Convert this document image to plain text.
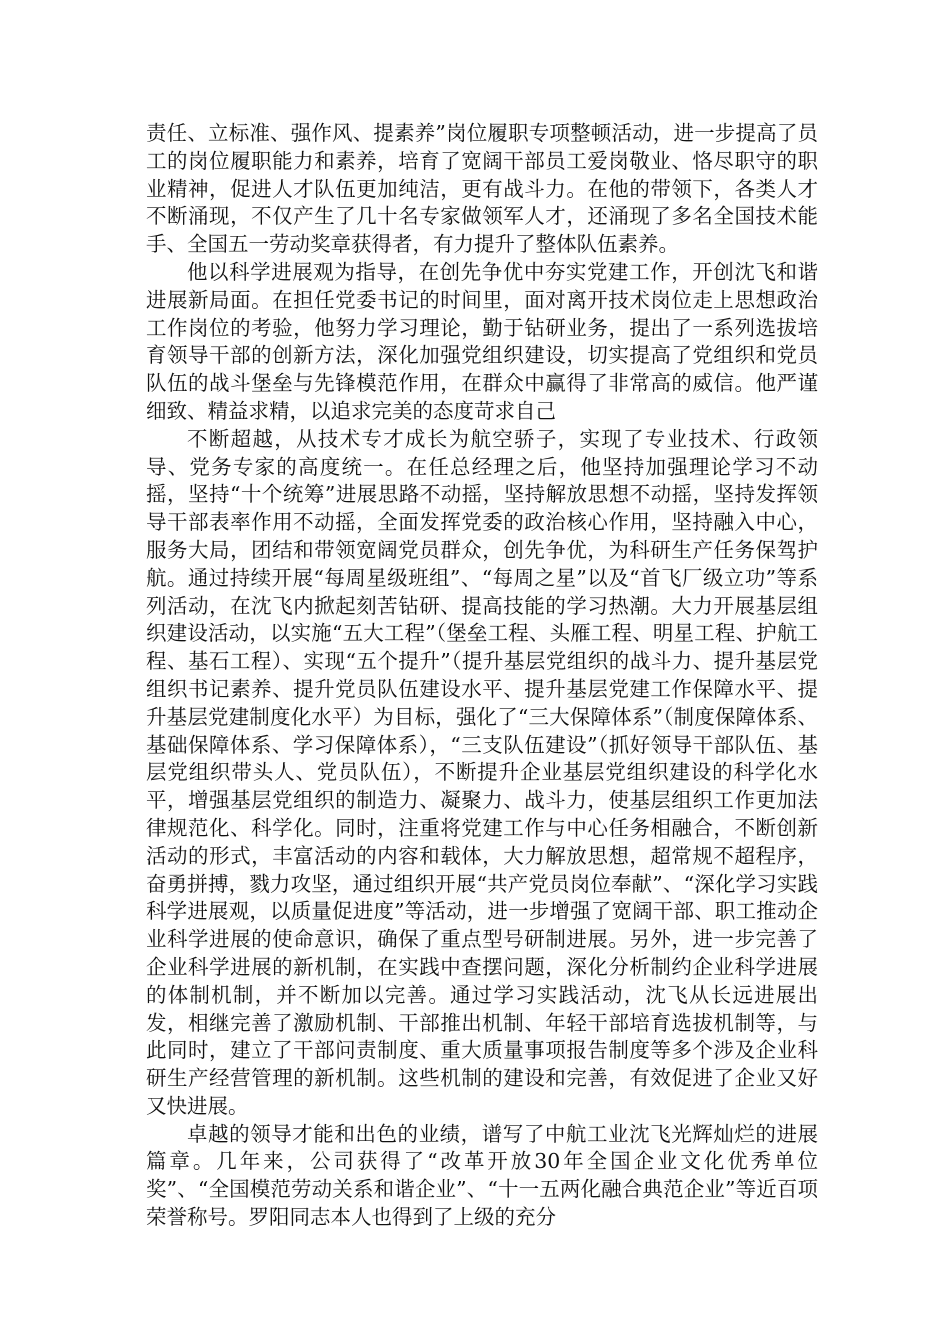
责任、立标准、强作风、提素养”岗位履职专项整顿活动，进一步提高了员工的岗位履职能力和素养，培育了宽阔干部员工爱岗敬业、恪尽职守的职业精神，促进人才队伍更加纯洁，更有战斗力。在他的带领下，各类人才不断涌现，不仅产生了几十名专家做领军人才，还涌现了多名全国技术能手、全国五一劳动奖章获得者，有力提升了整体队伍素养。

他以科学进展观为指导，在创先争优中夯实党建工作，开创沈飞和谐进展新局面。在担任党委书记的时间里，面对离开技术岗位走上思想政治工作岗位的考验，他努力学习理论，勤于钻研业务，提出了一系列选拔培育领导干部的创新方法，深化加强党组织建设，切实提高了党组织和党员队伍的战斗堡垒与先锋模范作用，在群众中赢得了非常高的威信。他严谨细致、精益求精，以追求完美的态度苛求自己

不断超越，从技术专才成长为航空骄子，实现了专业技术、行政领导、党务专家的高度统一。在任总经理之后，他坚持加强理论学习不动摇，坚持“十个统筹”进展思路不动摇，坚持解放思想不动摇，坚持发挥领导干部表率作用不动摇，全面发挥党委的政治核心作用，坚持融入中心，服务大局，团结和带领宽阔党员群众，创先争优，为科研生产任务保驾护航。通过持续开展“每周星级班组”、“每周之星”以及“首飞厂级立功”等系列活动，在沈飞内掀起刻苦钻研、提高技能的学习热潮。大力开展基层组织建设活动，以实施“五大工程”（堡垒工程、头雁工程、明星工程、护航工程、基石工程）、实现“五个提升”（提升基层党组织的战斗力、提升基层党组织书记素养、提升党员队伍建设水平、提升基层党建工作保障水平、提升基层党建制度化水平）为目标，强化了“三大保障体系”（制度保障体系、基础保障体系、学习保障体系），“三支队伍建设”（抓好领导干部队伍、基层党组织带头人、党员队伍），不断提升企业基层党组织建设的科学化水平，增强基层党组织的制造力、凝聚力、战斗力，使基层组织工作更加法律规范化、科学化。同时，注重将党建工作与中心任务相融合，不断创新活动的形式，丰富活动的内容和载体，大力解放思想，超常规不超程序，奋勇拼搏，戮力攻坚，通过组织开展“共产党员岗位奉献”、“深化学习实践科学进展观，以质量促进度”等活动，进一步增强了宽阔干部、职工推动企业科学进展的使命意识，确保了重点型号研制进展。另外，进一步完善了企业科学进展的新机制，在实践中查摆问题，深化分析制约企业科学进展的体制机制，并不断加以完善。通过学习实践活动，沈飞从长远进展出发，相继完善了激励机制、干部推出机制、年轻干部培育选拔机制等，与此同时，建立了干部问责制度、重大质量事项报告制度等多个涉及企业科研生产经营管理的新机制。这些机制的建设和完善，有效促进了企业又好又快进展。

卓越的领导才能和出色的业绩，谱写了中航工业沈飞光辉灿烂的进展篇章。几年来，公司获得了“改革开放30年全国企业文化优秀单位奖”、“全国模范劳动关系和谐企业”、“十一五两化融合典范企业”等近百项荣誉称号。罗阳同志本人也得到了上级的充分
